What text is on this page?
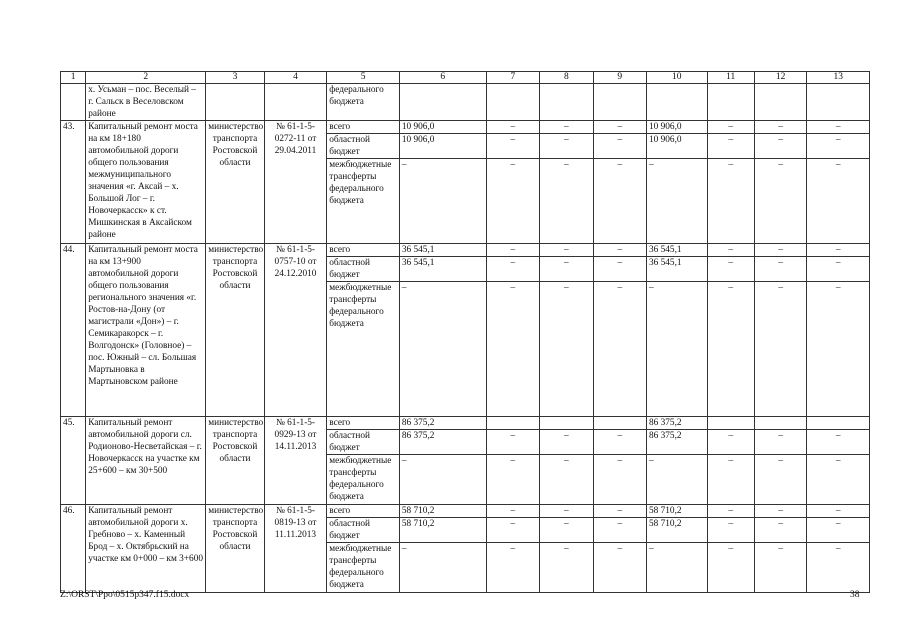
1	2	3	4	5	6	7	8	9	10	11	12	13
	х. Усьман – пос. Веселый – г. Сальск в Веселовском районе			федерального бюджета								
43.	Капитальный ремонт моста на км 18+180 автомобильной дороги общего пользования межмуниципального значения «г. Аксай – х. Большой Лог – г. Новочеркасск» к ст. Мишкинская в Аксайском районе	министерство транспорта Ростовской области	№ 61-1-5-0272-11 от 29.04.2011	всего	10 906,0	–	–	–	10 906,0	–	–	–
				областной бюджет	10 906,0	–	–	–	10 906,0	–	–	–
				межбюджетные трансферты федерального бюджета	–	–	–	–	–	–	–	–
44.	Капитальный ремонт моста на км 13+900 автомобильной дороги общего пользования регионального значения «г. Ростов-на-Дону (от магистрали «Дон») – г. Семикаракорск – г. Волгодонск» (Головное) – пос. Южный – сл. Большая Мартыновка в Мартыновском районе	министерство транспорта Ростовской области	№ 61-1-5-0757-10 от 24.12.2010	всего	36 545,1	–	–	–	36 545,1	–	–	–
				областной бюджет	36 545,1	–	–	–	36 545,1	–	–	–
				межбюджетные трансферты федерального бюджета	–	–	–	–	–	–	–	–
45.	Капитальный ремонт автомобильной дороги сл. Родионово-Несветайская – г. Новочеркасск на участке км 25+600 – км 30+500	министерство транспорта Ростовской области	№ 61-1-5-0929-13 от 14.11.2013	всего	86 375,2				86 375,2			
				областной бюджет	86 375,2	–	–	–	86 375,2	–	–	–
				межбюджетные трансферты федерального бюджета	–	–	–	–	–	–	–	–
46.	Капитальный ремонт автомобильной дороги х. Гребново – х. Каменный Брод – х. Октябрьский на участке км 0+000 – км 3+600	министерство транспорта Ростовской области	№ 61-1-5-0819-13 от 11.11.2013	всего	58 710,2	–	–	–	58 710,2	–	–	–
				областной бюджет	58 710,2	–	–	–	58 710,2	–	–	–
				межбюджетные трансферты федерального бюджета	–	–	–	–	–	–	–	–
Z:\ORST\Ppo\0515p347.f15.docx	38
